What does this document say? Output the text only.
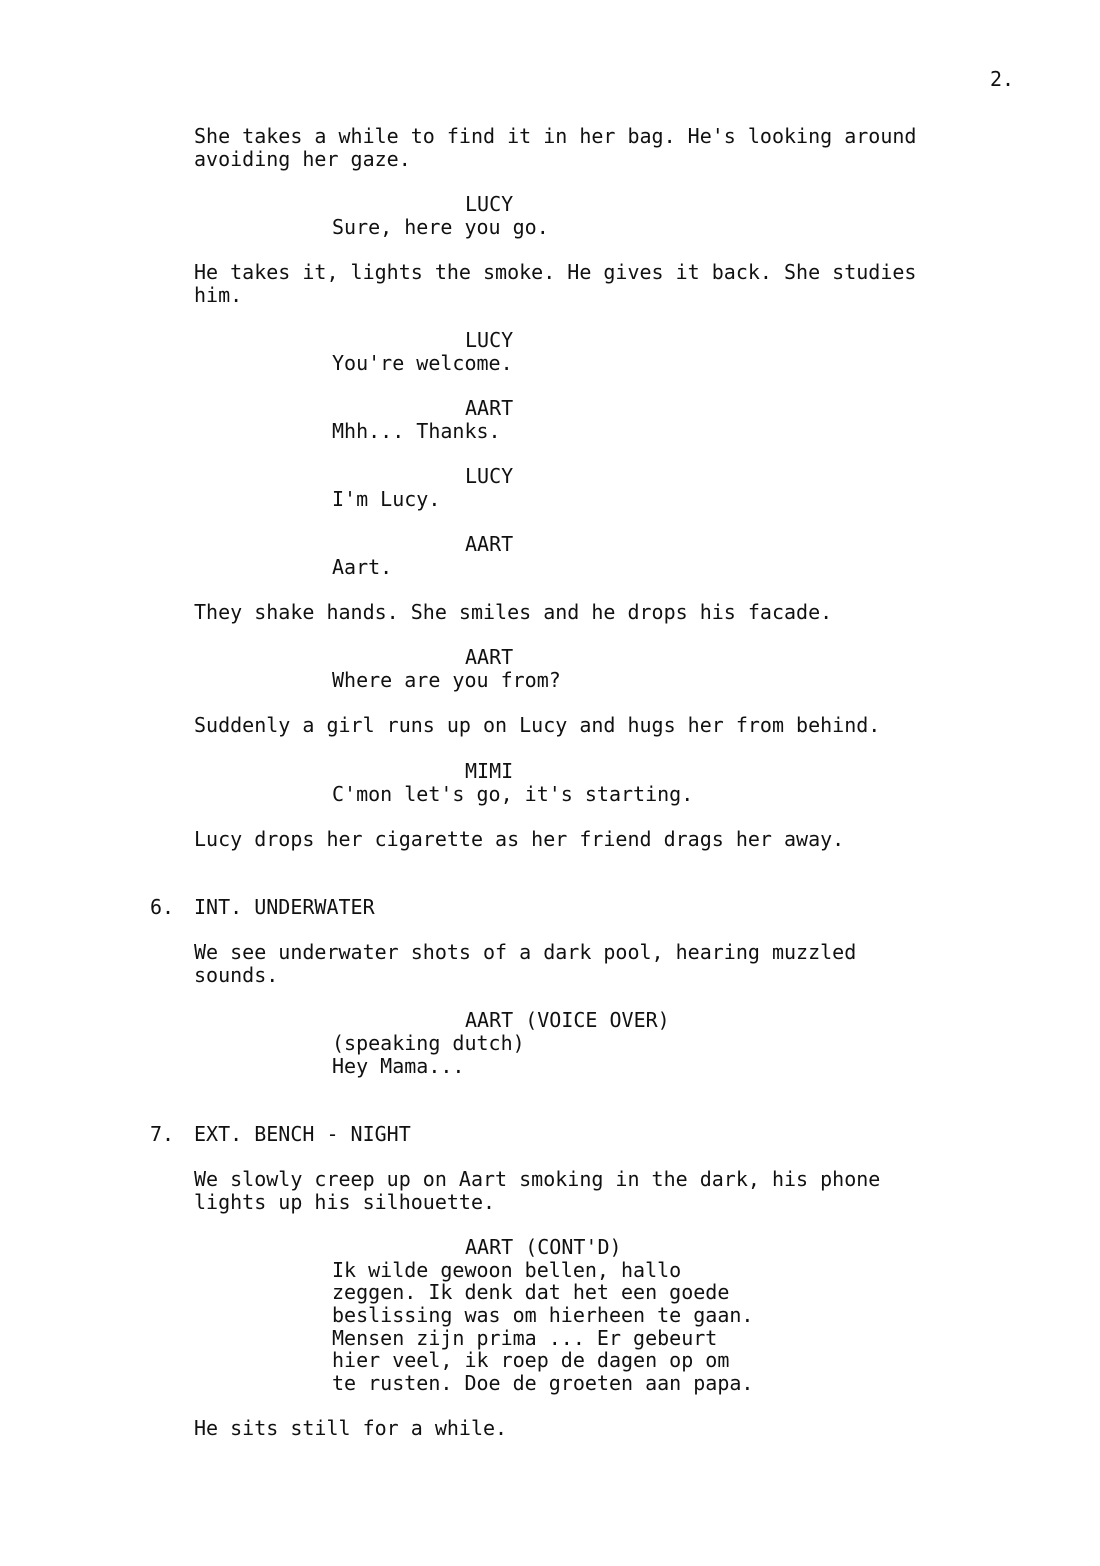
2.
She takes a while to find it in her bag. He's looking around
avoiding her gaze.
LUCY
Sure, here you go.
He takes it, lights the smoke. He gives it back. She studies
him.
LUCY
You're welcome.
AART
Mhh... Thanks.
LUCY
I'm Lucy.
AART
Aart.
They shake hands. She smiles and he drops his facade.
AART
Where are you from?
Suddenly a girl runs up on Lucy and hugs her from behind.
MIMI
C'mon let's go, it's starting.
Lucy drops her cigarette as her friend drags her away.
6. INT. UNDERWATER
We see underwater shots of a dark pool, hearing muzzled
sounds.
AART (VOICE OVER)
(speaking dutch)
Hey Mama...
7. EXT. BENCH - NIGHT
We slowly creep up on Aart smoking in the dark, his phone
lights up his silhouette.
AART (CONT'D)
Ik wilde gewoon bellen, hallo
zeggen. Ik denk dat het een goede
beslissing was om hierheen te gaan.
Mensen zijn prima ... Er gebeurt
hier veel, ik roep de dagen op om
te rusten. Doe de groeten aan papa.
He sits still for a while.
